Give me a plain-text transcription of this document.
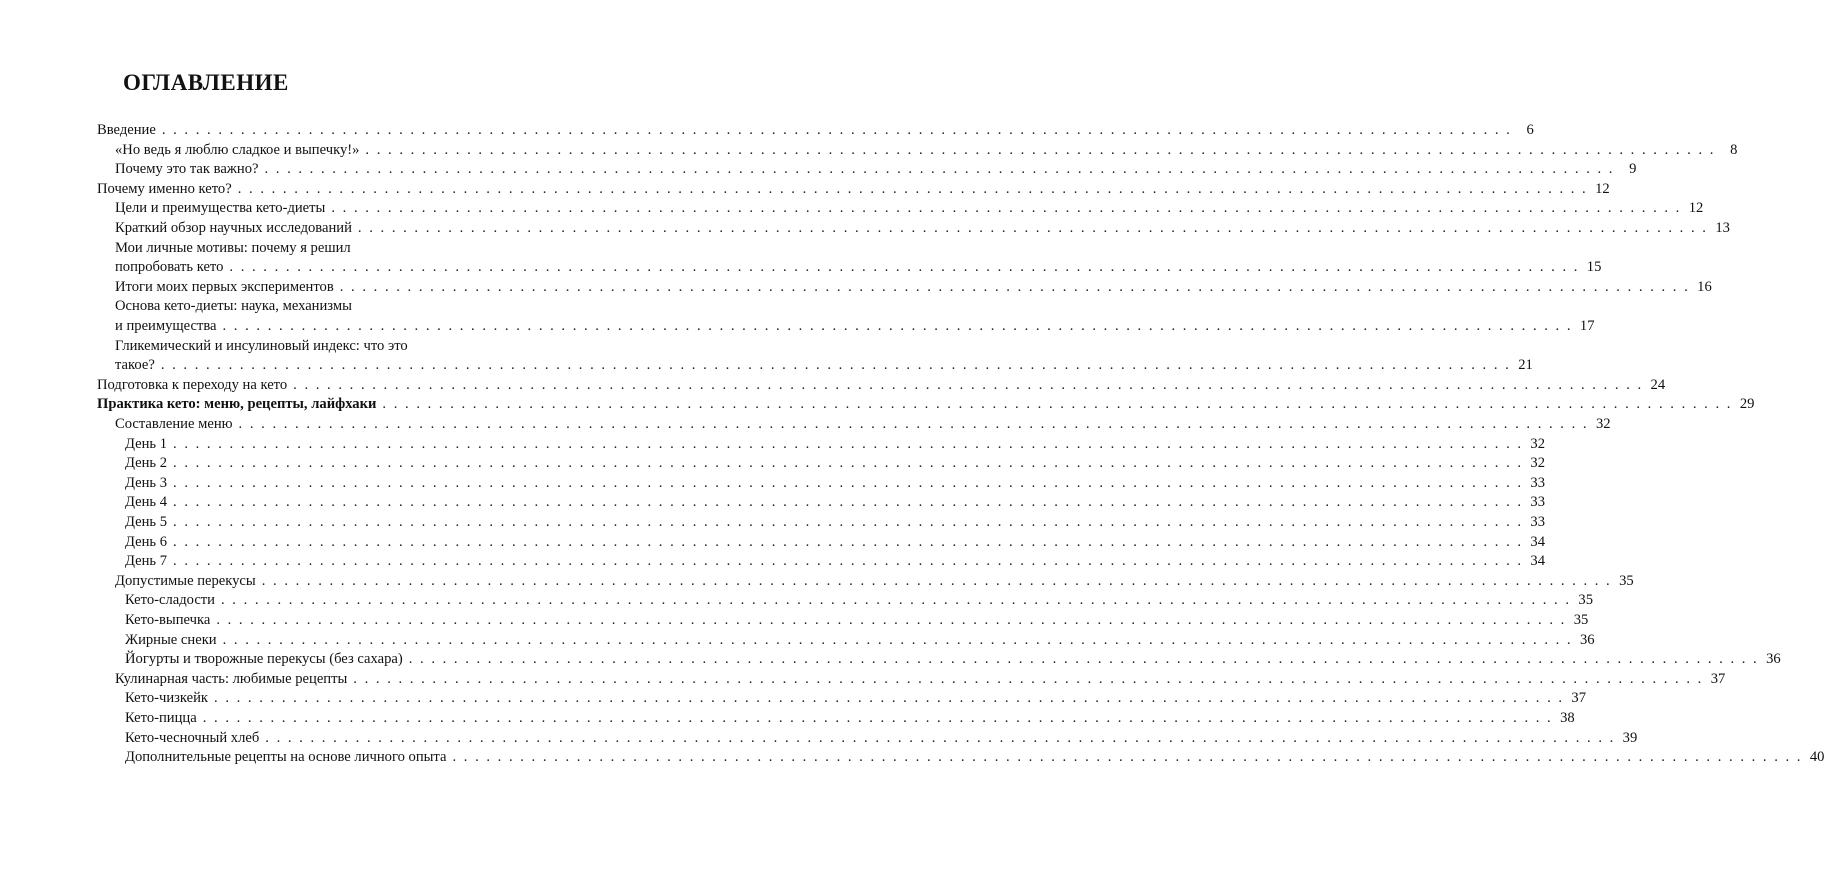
ОГЛАВЛЕНИЕ
Введение . . . . . . . . . . . . . . . . . . . . . . . . . . . . . . . . . . . . . . . . . . . . . . . . . . . . . . . . . . . . . . . . . . . . . . . . . . . . . . . . . . . . . . . . . . . . . . . . . . . . . . . . . . . . . . . . . . . . . . . .	6
«Но ведь я люблю сладкое и выпечку!» . . . . . . . . . . . . . . . . . . . . . . . . . . . . . . . . . . . . . . . . . . . . . . . . . . . . . . . . . . . . . . . . . . . . . . . . . . . . . . . . . . . . . . . . . . . . . . . . . . . . . . . . . . . . . . . . . . . . . . . .	8
Почему это так важно? . . . . . . . . . . . . . . . . . . . . . . . . . . . . . . . . . . . . . . . . . . . . . . . . . . . . . . . . . . . . . . . . . . . . . . . . . . . . . . . . . . . . . . . . . . . . . . . . . . . . . . . . . . . . . . . . . . . . . . . .	9
Почему именно кето? . . . . . . . . . . . . . . . . . . . . . . . . . . . . . . . . . . . . . . . . . . . . . . . . . . . . . . . . . . . . . . . . . . . . . . . . . . . . . . . . . . . . . . . . . . . . . . . . . . . . . . . . . . . . . . . . . . . . . . . . 12
Цели и преимущества кето-диеты . . . . . . . . . . . . . . . . . . . . . . . . . . . . . . . . . . . . . . . . . . . . . . . . . . . . . . . . . . . . . . . . . . . . . . . . . . . . . . . . . . . . . . . . . . . . . . . . . . . . . . . . . . . . . . . . . . . . . . . . 12
Краткий обзор научных исследований . . . . . . . . . . . . . . . . . . . . . . . . . . . . . . . . . . . . . . . . . . . . . . . . . . . . . . . . . . . . . . . . . . . . . . . . . . . . . . . . . . . . . . . . . . . . . . . . . . . . . . . . . . . . . . . . . . . . . . . . 13
Мои личные мотивы: почему я решил
попробовать кето . . . . . . . . . . . . . . . . . . . . . . . . . . . . . . . . . . . . . . . . . . . . . . . . . . . . . . . . . . . . . . . . . . . . . . . . . . . . . . . . . . . . . . . . . . . . . . . . . . . . . . . . . . . . . . . . . . . . . . . . 15
Итоги моих первых экспериментов . . . . . . . . . . . . . . . . . . . . . . . . . . . . . . . . . . . . . . . . . . . . . . . . . . . . . . . . . . . . . . . . . . . . . . . . . . . . . . . . . . . . . . . . . . . . . . . . . . . . . . . . . . . . . . . . . . . . . . . . 16
Основа кето-диеты: наука, механизмы
и преимущества . . . . . . . . . . . . . . . . . . . . . . . . . . . . . . . . . . . . . . . . . . . . . . . . . . . . . . . . . . . . . . . . . . . . . . . . . . . . . . . . . . . . . . . . . . . . . . . . . . . . . . . . . . . . . . . . . . . . . . . . 17
Гликемический и инсулиновый индекс: что это
такое? . . . . . . . . . . . . . . . . . . . . . . . . . . . . . . . . . . . . . . . . . . . . . . . . . . . . . . . . . . . . . . . . . . . . . . . . . . . . . . . . . . . . . . . . . . . . . . . . . . . . . . . . . . . . . . . . . . . . . . . . 21
Подготовка к переходу на кето . . . . . . . . . . . . . . . . . . . . . . . . . . . . . . . . . . . . . . . . . . . . . . . . . . . . . . . . . . . . . . . . . . . . . . . . . . . . . . . . . . . . . . . . . . . . . . . . . . . . . . . . . . . . . . . . . . . . . . . . 24
Практика кето: меню, рецепты, лайфхаки . . . . . . . . . . . . . . . . . . . . . . . . . . . . . . . . . . . . . . . . . . . . . . . . . . . . . . . . . . . . . . . . . . . . . . . . . . . . . . . . . . . . . . . . . . . . . . . . . . . . . . . . . . . . . . . . . . . . . . . . 29
Составление меню . . . . . . . . . . . . . . . . . . . . . . . . . . . . . . . . . . . . . . . . . . . . . . . . . . . . . . . . . . . . . . . . . . . . . . . . . . . . . . . . . . . . . . . . . . . . . . . . . . . . . . . . . . . . . . . . . . . . . . . . 32
День 1 . . . . . . . . . . . . . . . . . . . . . . . . . . . . . . . . . . . . . . . . . . . . . . . . . . . . . . . . . . . . . . . . . . . . . . . . . . . . . . . . . . . . . . . . . . . . . . . . . . . . . . . . . . . . . . . . . . . . . . . . 32
День 2 . . . . . . . . . . . . . . . . . . . . . . . . . . . . . . . . . . . . . . . . . . . . . . . . . . . . . . . . . . . . . . . . . . . . . . . . . . . . . . . . . . . . . . . . . . . . . . . . . . . . . . . . . . . . . . . . . . . . . . . . 32
День 3 . . . . . . . . . . . . . . . . . . . . . . . . . . . . . . . . . . . . . . . . . . . . . . . . . . . . . . . . . . . . . . . . . . . . . . . . . . . . . . . . . . . . . . . . . . . . . . . . . . . . . . . . . . . . . . . . . . . . . . . . 33
День 4 . . . . . . . . . . . . . . . . . . . . . . . . . . . . . . . . . . . . . . . . . . . . . . . . . . . . . . . . . . . . . . . . . . . . . . . . . . . . . . . . . . . . . . . . . . . . . . . . . . . . . . . . . . . . . . . . . . . . . . . . 33
День 5 . . . . . . . . . . . . . . . . . . . . . . . . . . . . . . . . . . . . . . . . . . . . . . . . . . . . . . . . . . . . . . . . . . . . . . . . . . . . . . . . . . . . . . . . . . . . . . . . . . . . . . . . . . . . . . . . . . . . . . . . 33
День 6 . . . . . . . . . . . . . . . . . . . . . . . . . . . . . . . . . . . . . . . . . . . . . . . . . . . . . . . . . . . . . . . . . . . . . . . . . . . . . . . . . . . . . . . . . . . . . . . . . . . . . . . . . . . . . . . . . . . . . . . . 34
День 7 . . . . . . . . . . . . . . . . . . . . . . . . . . . . . . . . . . . . . . . . . . . . . . . . . . . . . . . . . . . . . . . . . . . . . . . . . . . . . . . . . . . . . . . . . . . . . . . . . . . . . . . . . . . . . . . . . . . . . . . . 34
Допустимые перекусы . . . . . . . . . . . . . . . . . . . . . . . . . . . . . . . . . . . . . . . . . . . . . . . . . . . . . . . . . . . . . . . . . . . . . . . . . . . . . . . . . . . . . . . . . . . . . . . . . . . . . . . . . . . . . . . . . . . . . . . . 35
Кето-сладости . . . . . . . . . . . . . . . . . . . . . . . . . . . . . . . . . . . . . . . . . . . . . . . . . . . . . . . . . . . . . . . . . . . . . . . . . . . . . . . . . . . . . . . . . . . . . . . . . . . . . . . . . . . . . . . . . . . . . . . . 35
Кето-выпечка . . . . . . . . . . . . . . . . . . . . . . . . . . . . . . . . . . . . . . . . . . . . . . . . . . . . . . . . . . . . . . . . . . . . . . . . . . . . . . . . . . . . . . . . . . . . . . . . . . . . . . . . . . . . . . . . . . . . . . . . 35
Жирные снеки . . . . . . . . . . . . . . . . . . . . . . . . . . . . . . . . . . . . . . . . . . . . . . . . . . . . . . . . . . . . . . . . . . . . . . . . . . . . . . . . . . . . . . . . . . . . . . . . . . . . . . . . . . . . . . . . . . . . . . . . 36
Йогурты и творожные перекусы (без сахара) . . . . . . . . . . . . . . . . . . . . . . . . . . . . . . . . . . . . . . . . . . . . . . . . . . . . . . . . . . . . . . . . . . . . . . . . . . . . . . . . . . . . . . . . . . . . . . . . . . . . . . . . . . . . . . . . . . . . . . . . 36
Кулинарная часть: любимые рецепты . . . . . . . . . . . . . . . . . . . . . . . . . . . . . . . . . . . . . . . . . . . . . . . . . . . . . . . . . . . . . . . . . . . . . . . . . . . . . . . . . . . . . . . . . . . . . . . . . . . . . . . . . . . . . . . . . . . . . . . . 37
Кето-чизкейк . . . . . . . . . . . . . . . . . . . . . . . . . . . . . . . . . . . . . . . . . . . . . . . . . . . . . . . . . . . . . . . . . . . . . . . . . . . . . . . . . . . . . . . . . . . . . . . . . . . . . . . . . . . . . . . . . . . . . . . . 37
Кето-пицца . . . . . . . . . . . . . . . . . . . . . . . . . . . . . . . . . . . . . . . . . . . . . . . . . . . . . . . . . . . . . . . . . . . . . . . . . . . . . . . . . . . . . . . . . . . . . . . . . . . . . . . . . . . . . . . . . . . . . . . . 38
Кето-чесночный хлеб . . . . . . . . . . . . . . . . . . . . . . . . . . . . . . . . . . . . . . . . . . . . . . . . . . . . . . . . . . . . . . . . . . . . . . . . . . . . . . . . . . . . . . . . . . . . . . . . . . . . . . . . . . . . . . . . . . . . . . . . 39
Дополнительные рецепты на основе личного опыта . . . . . . . . . . . . . . . . . . . . . . . . . . . . . . . . . . . . . . . . . . . . . . . . . . . . . . . . . . . . . . . . . . . . . . . . . . . . . . . . . . . . . . . . . . . . . . . . . . . . . . . . . . . . . . . . . . . . . . . . 40
